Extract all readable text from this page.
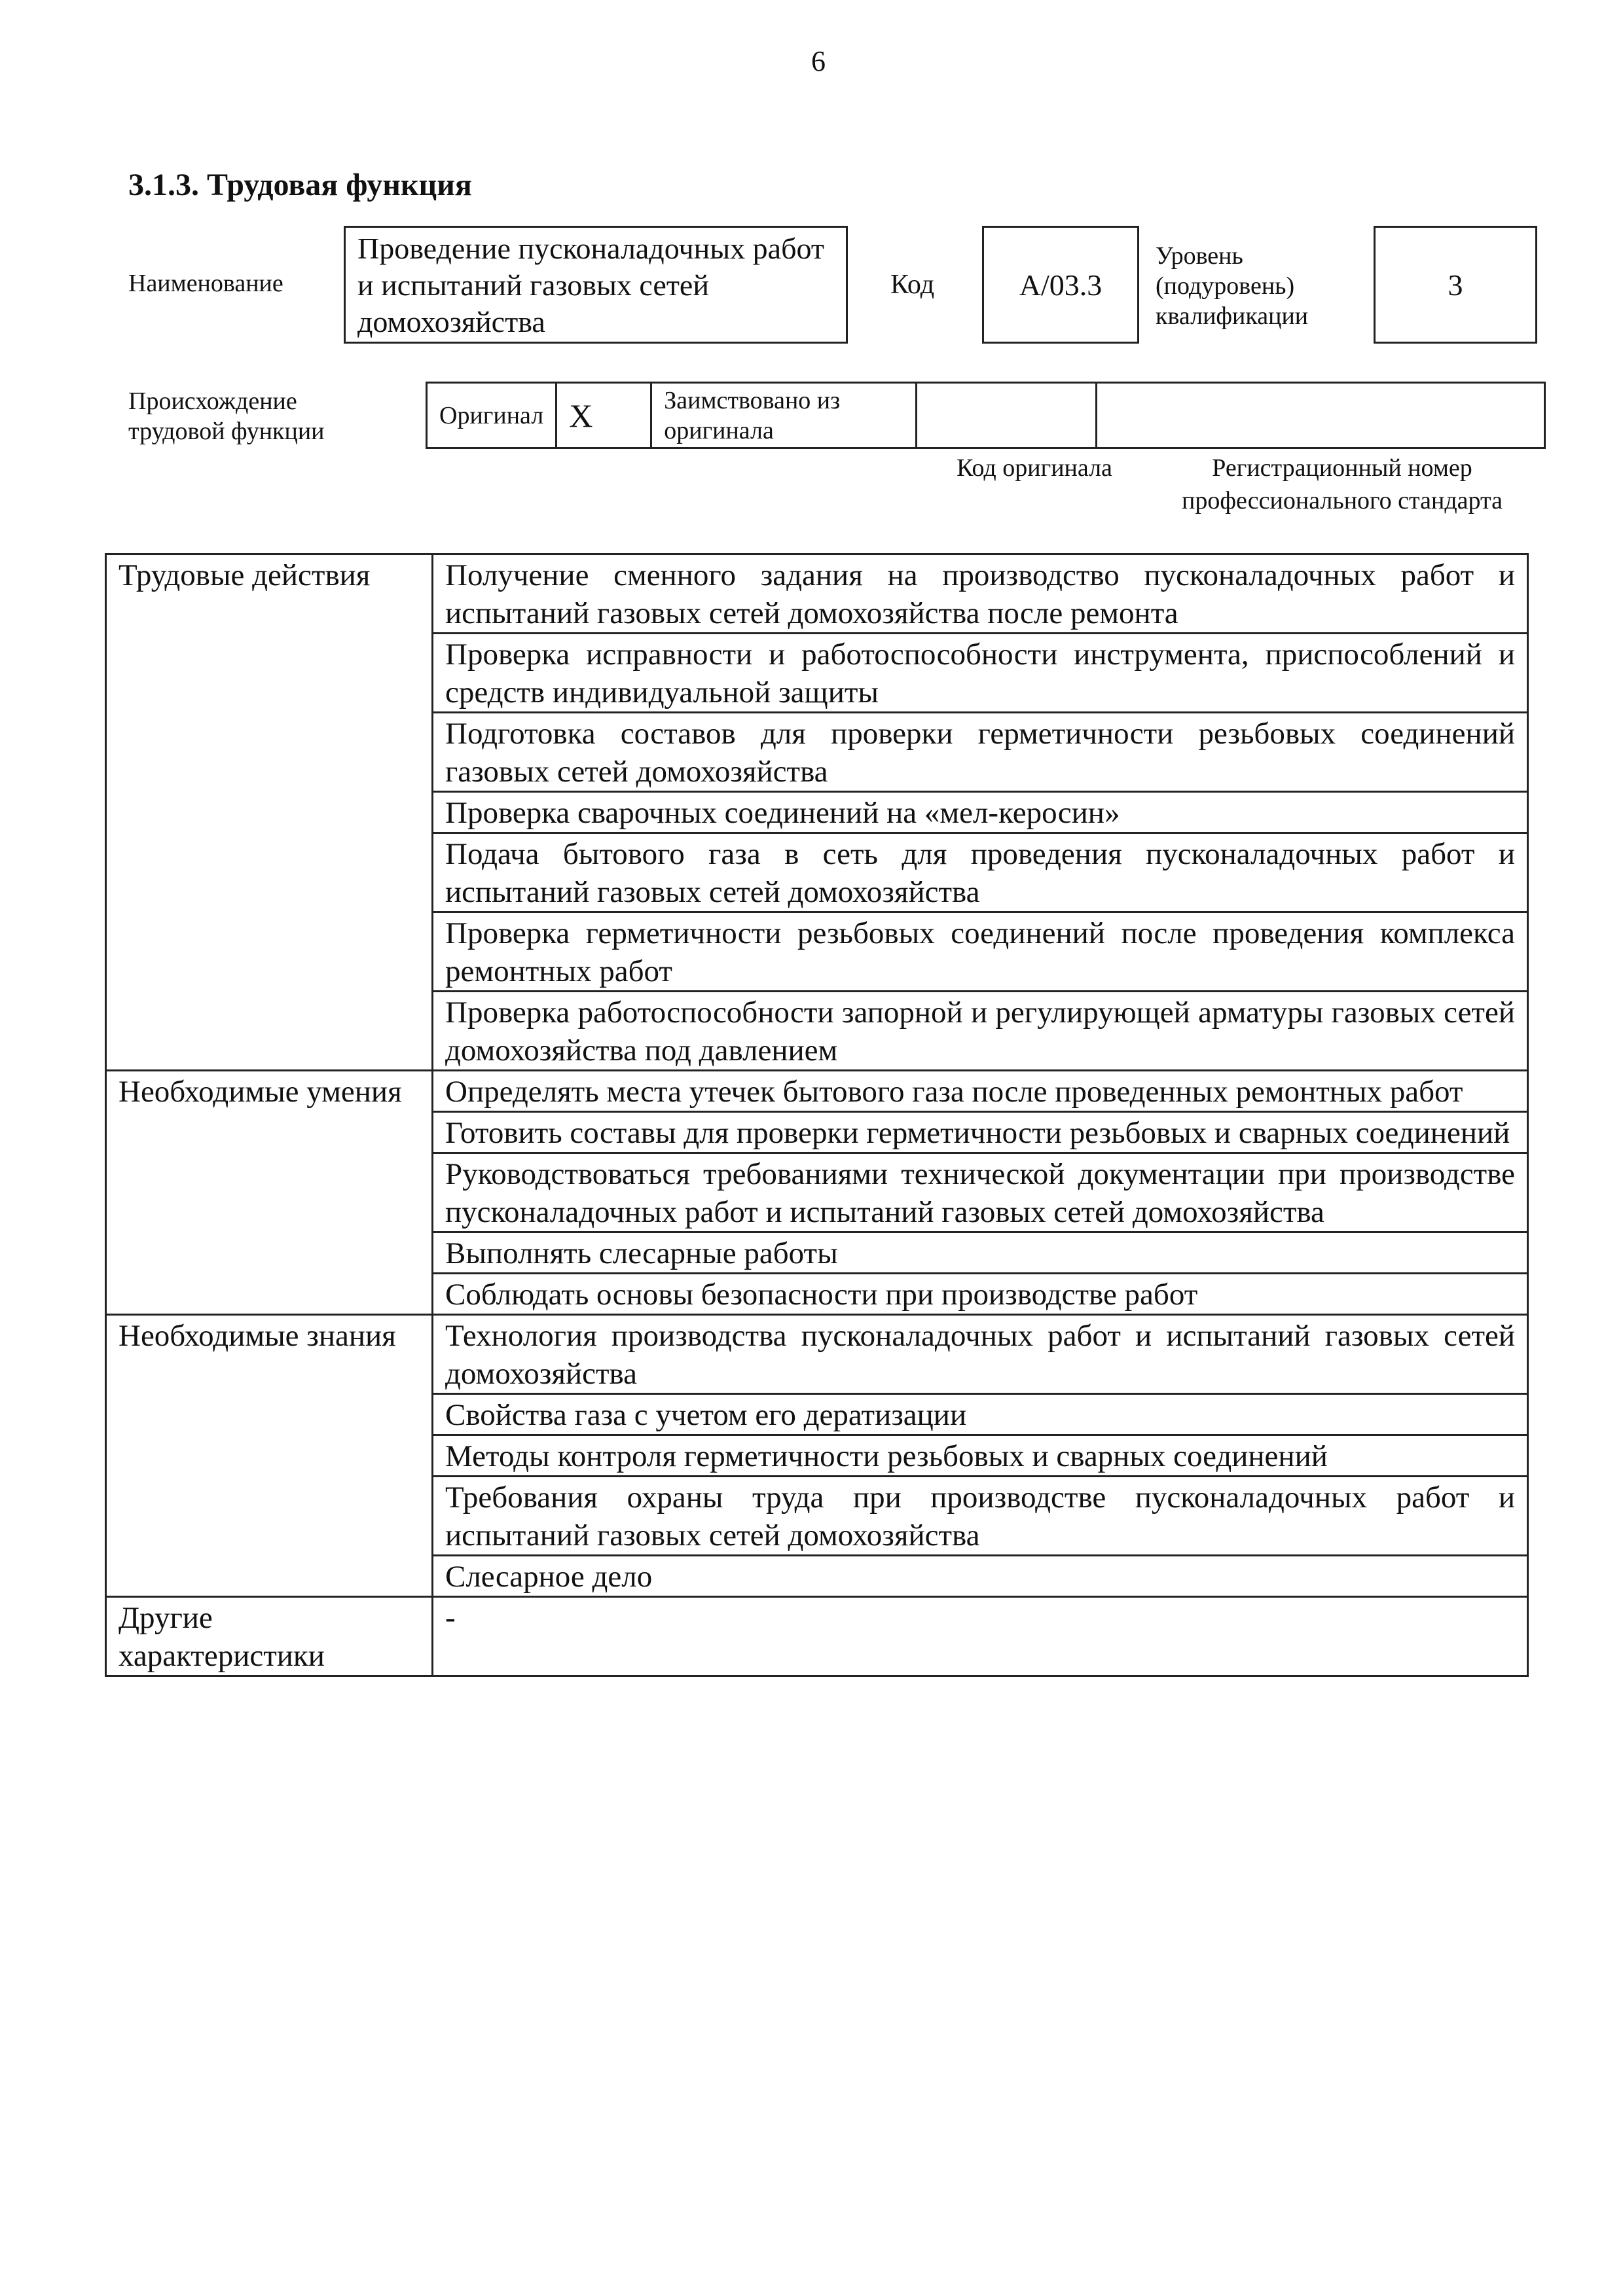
6
3.1.3. Трудовая функция
Наименование
Проведение пусконаладочных работ и испытаний газовых сетей домохозяйства
Код	А/03.3
Уровень (подуровень) квалификации
3
Происхождение трудовой функции
Оригинал	X	Заимствовано из оригинала		
Код оригинала	Регистрационный номер профессионального стандарта
Трудовые действия	Получение сменного задания на производство пусконаладочных работ и испытаний газовых сетей домохозяйства после ремонта
	Проверка исправности и работоспособности инструмента, приспособлений и средств индивидуальной защиты
	Подготовка составов для проверки герметичности резьбовых соединений газовых сетей домохозяйства
	Проверка сварочных соединений на «мел-керосин»
	Подача бытового газа в сеть для проведения пусконаладочных работ и испытаний газовых сетей домохозяйства
	Проверка герметичности резьбовых соединений после проведения комплекса ремонтных работ
	Проверка работоспособности запорной и регулирующей арматуры газовых сетей домохозяйства под давлением
Необходимые умения	Определять места утечек бытового газа после проведенных ремонтных работ
	Готовить составы для проверки герметичности резьбовых и сварных соединений
	Руководствоваться требованиями технической документации при производстве пусконаладочных работ и испытаний газовых сетей домохозяйства
	Выполнять слесарные работы
	Соблюдать основы безопасности при производстве работ
Необходимые знания	Технология производства пусконаладочных работ и испытаний газовых сетей домохозяйства
	Свойства газа с учетом его дератизации
	Методы контроля герметичности резьбовых и сварных соединений
	Требования охраны труда при производстве пусконаладочных работ и испытаний газовых сетей домохозяйства
	Слесарное дело
Другие характеристики	-
